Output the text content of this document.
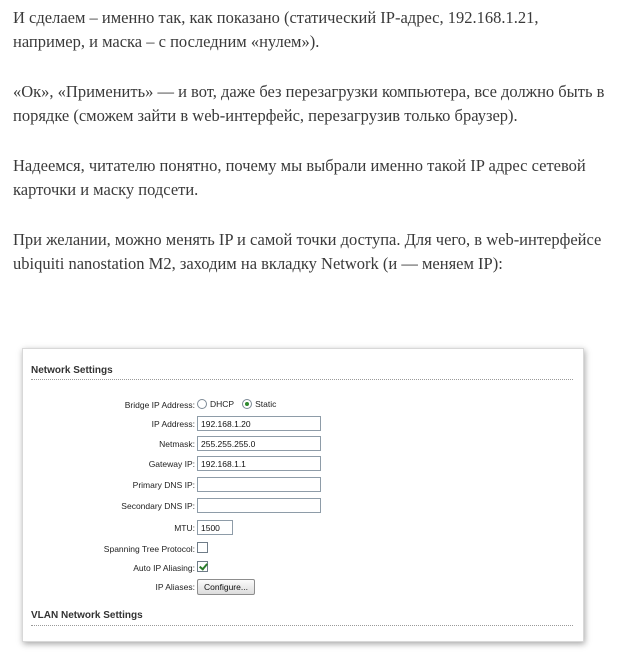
И сделаем – именно так, как показано (статический IP-адрес, 192.168.1.21, например, и маска – с последним «нулем»).

«Ок», «Применить» — и вот, даже без перезагрузки компьютера, все должно быть в порядке (сможем зайти в web-интерфейс, перезагрузив только браузер).

Надеемся, читателю понятно, почему мы выбрали именно такой IP адрес сетевой карточки и маску подсети.

При желании, можно менять IP и самой точки доступа. Для чего, в web-интерфейсе ubiquiti nanostation M2, заходим на вкладку Network (и — меняем IP):

Network Settings
Bridge IP Address: DHCP Static
IP Address: 192.168.1.20
Netmask: 255.255.255.0
Gateway IP: 192.168.1.1
Primary DNS IP:
Secondary DNS IP:
MTU: 1500
Spanning Tree Protocol:
Auto IP Aliasing:
IP Aliases:	Configure...
VLAN Network Settings
